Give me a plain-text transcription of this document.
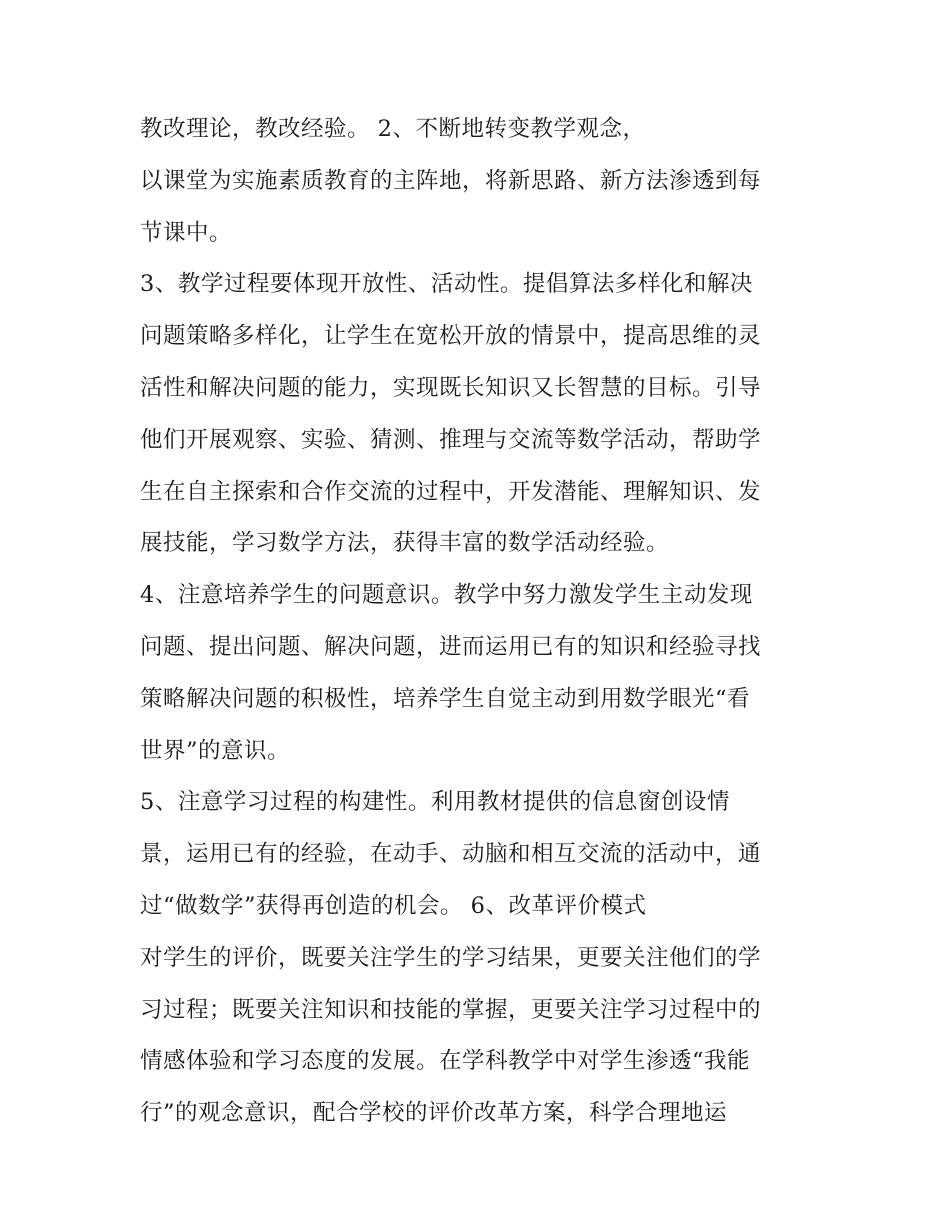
教改理论，教改经验。 2、不断地转变教学观念，
以课堂为实施素质教育的主阵地，将新思路、新方法渗透到每
节课中。
3、教学过程要体现开放性、活动性。提倡算法多样化和解决
问题策略多样化，让学生在宽松开放的情景中，提高思维的灵
活性和解决问题的能力，实现既长知识又长智慧的目标。引导
他们开展观察、实验、猜测、推理与交流等数学活动，帮助学
生在自主探索和合作交流的过程中，开发潜能、理解知识、发
展技能，学习数学方法，获得丰富的数学活动经验。
4、注意培养学生的问题意识。教学中努力激发学生主动发现
问题、提出问题、解决问题，进而运用已有的知识和经验寻找
策略解决问题的积极性，培养学生自觉主动到用数学眼光“看
世界”的意识。
5、注意学习过程的构建性。利用教材提供的信息窗创设情
景，运用已有的经验，在动手、动脑和相互交流的活动中，通
过“做数学”获得再创造的机会。 6、改革评价模式
对学生的评价，既要关注学生的学习结果，更要关注他们的学
习过程；既要关注知识和技能的掌握，更要关注学习过程中的
情感体验和学习态度的发展。在学科教学中对学生渗透“我能
行”的观念意识，配合学校的评价改革方案，科学合理地运
